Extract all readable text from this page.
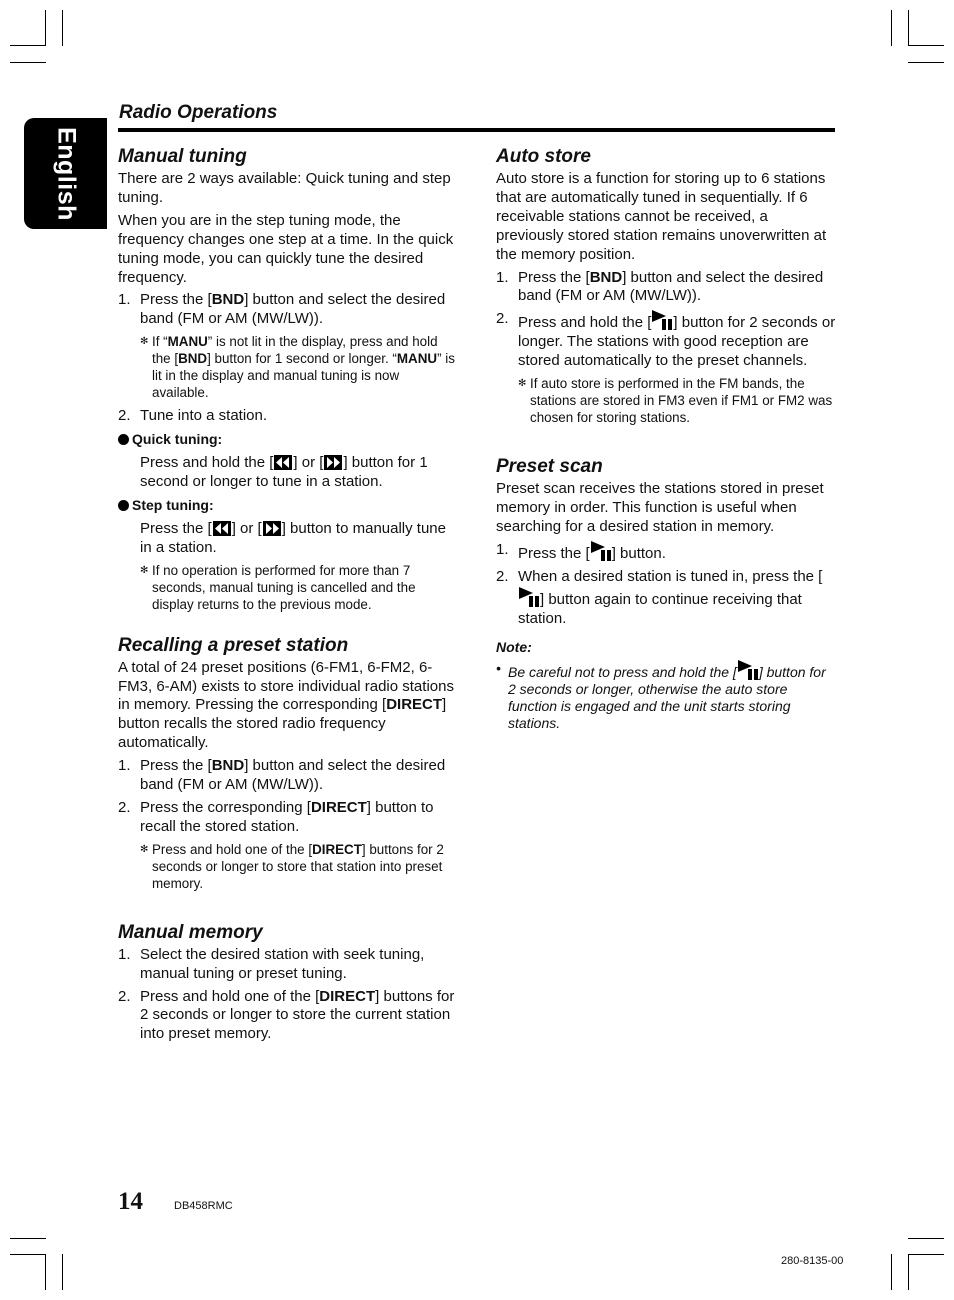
English
Radio Operations
Manual tuning

There are 2 ways available: Quick tuning and step tuning.

When you are in the step tuning mode, the frequency changes one step at a time. In the quick tuning mode, you can quickly tune the desired frequency.

1. Press the [BND] button and select the desired band (FM or AM (MW/LW)).
✻ If “MANU” is not lit in the display, press and hold the [BND] button for 1 second or longer. “MANU” is lit in the display and manual tuning is now available.
2. Tune into a station.
Quick tuning:
Press and hold the [ ] or [ ] button for 1 second or longer to tune in a station.
Step tuning:
Press the [ ] or [ ] button to manually tune in a station.
✻ If no operation is performed for more than 7 seconds, manual tuning is cancelled and the display returns to the previous mode.
Recalling a preset station

A total of 24 preset positions (6-FM1, 6-FM2, 6-FM3, 6-AM) exists to store individual radio stations in memory. Pressing the corresponding [DIRECT] button recalls the stored radio frequency automatically.

1. Press the [BND] button and select the desired band (FM or AM (MW/LW)).
2. Press the corresponding [DIRECT] button to recall the stored station.
✻ Press and hold one of the [DIRECT] buttons for 2 seconds or longer to store that station into preset memory.
Manual memory
1. Select the desired station with seek tuning, manual tuning or preset tuning.
2. Press and hold one of the [DIRECT] buttons for 2 seconds or longer to store the current station into preset memory.
Auto store

Auto store is a function for storing up to 6 stations that are automatically tuned in sequentially. If 6 receivable stations cannot be received, a previously stored station remains unoverwritten at the memory position.

1. Press the [BND] button and select the desired band (FM or AM (MW/LW)).
2. Press and hold the [ ] button for 2 seconds or longer. The stations with good reception are stored automatically to the preset channels.
✻ If auto store is performed in the FM bands, the stations are stored in FM3 even if FM1 or FM2 was chosen for storing stations.
Preset scan

Preset scan receives the stations stored in preset memory in order. This function is useful when searching for a desired station in memory.

1. Press the [ ] button.
2. When a desired station is tuned in, press the [] button again to continue receiving that station.
Note:
• Be careful not to press and hold the [ ] button for 2 seconds or longer, otherwise the auto store function is engaged and the unit starts storing stations.
14	DB458RMC
280-8135-00
